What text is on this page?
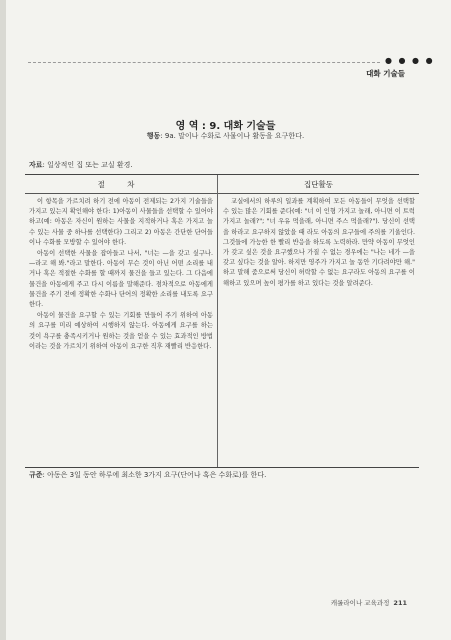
● ● ● ●
대화 기술들
영 역 : 9. 대화 기술들
행동: 9a. 말이나 수화로 사물이나 활동을 요구한다.
자료: 일상적인 집 또는 교실 환경.
절 차	집단활동

이 항목을 가르치려 하기 전에 아동이 전제되는 2가지 기술들을 가지고 있는지 확인해야 한다: 1)아동이 사물들을 선택할 수 있어야 하고(예: 아동은 자신이 원하는 사물을 지적하거나 혹은 가지고 놀 수 있는 사물 중 하나를 선택한다) 그리고 2) 아동은 간단한 단어들이나 수화를 모방할 수 있어야 한다.

아동이 선택한 사물을 잡아들고 나서, "너는 —을 갖고 싶구나. —라고 해 봐."라고 말한다. 아동이 무슨 것이 아닌 어떤 소리를 내거나 혹은 적절한 수화를 할 때까지 물건을 들고 있는다. 그 다음에 물건을 아동에게 주고 다시 이름을 말해준다. 점차적으로 아동에게 물건을 주기 전에 정확한 수화나 단어의 정확한 소리를 내도록 요구한다.

아동이 물건을 요구할 수 있는 기회를 만들어 주기 위하여 아동의 요구를 미리 예상하여 시행하지 않는다. 아동에게 요구를 하는 것이 욕구를 충족시키거나 원하는 것을 얻을 수 있는 효과적인 방법이라는 것을 가르치기 위하여 아동이 요구한 직후 재빨리 반응한다.

교실에서의 하루의 일과를 계획하여 모든 아동들이 무엇을 선택할 수 있는 많은 기회를 준다(예: "너 이 인형 가지고 놀래, 아니면 이 트럭 가지고 놀래?"; "너 우유 먹을래, 아니면 주스 먹을래?"). 당신이 선택을 하라고 요구하지 않았을 때 라도 아동의 요구들에 주의를 기울인다. 그것들에 가능한 한 빨리 반응을 하도록 노력하라. 만약 아동이 무엇인가 갖고 싶은 것을 요구했으나 가질 수 없는 경우에는 "나는 네가 —을 갖고 싶다는 것을 알아. 하지만 영주가 가지고 놀 동안 기다려야만 해." 하고 말해 줌으로써 당신이 허락할 수 없는 요구라도 아동의 요구를 이해하고 있으며 높이 평가를 하고 있다는 것을 알려준다.

규준: 아동은 3일 동안 하루에 최소한 3가지 요구(단어나 혹은 수화로)를 한다.
캐롤라이나 교육과정 211
